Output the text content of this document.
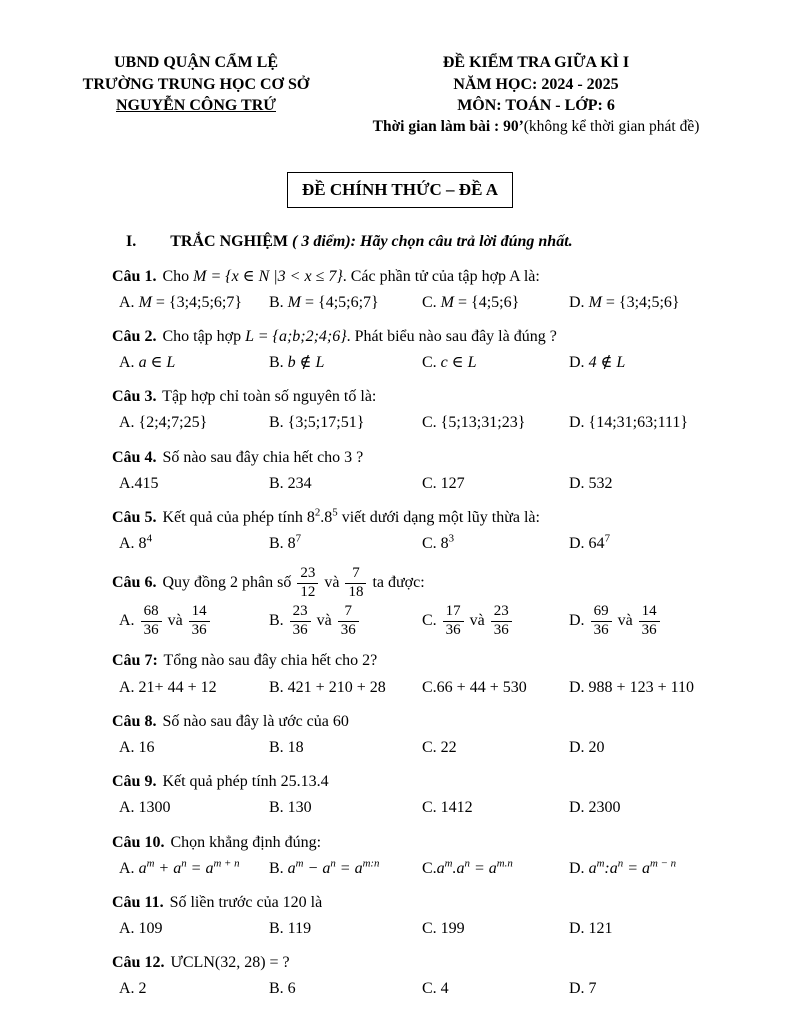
UBND QUẬN CẨM LỆ
TRƯỜNG TRUNG HỌC CƠ SỞ
NGUYỄN CÔNG TRỨ
ĐỀ KIỂM TRA GIỮA KÌ I
NĂM HỌC: 2024 - 2025
MÔN: TOÁN - LỚP: 6
Thời gian làm bài : 90’(không kể thời gian phát đề)
ĐỀ CHÍNH THỨC – ĐỀ A
I. TRẮC NGHIỆM ( 3 điểm): Hãy chọn câu trả lời đúng nhất.
Câu 1. Cho M = {x ∈ N |3 < x ≤ 7}. Các phần tử của tập hợp A là:
A. M = {3;4;5;6;7}	B. M = {4;5;6;7}	C. M = {4;5;6}	D. M = {3;4;5;6}
Câu 2. Cho tập hợp L = {a;b;2;4;6}. Phát biểu nào sau đây là đúng ?
A. a ∈ L	B. b ∉ L	C. c ∈ L	D. 4 ∉ L
Câu 3. Tập hợp chỉ toàn số nguyên tố là:
A. {2;4;7;25}	B. {3;5;17;51}	C. {5;13;31;23}	D. {14;31;63;111}
Câu 4. Số nào sau đây chia hết cho 3 ?
A.415	B. 234	C. 127	D. 532
Câu 5. Kết quả của phép tính $8^2.8^5$ viết dưới dạng một lũy thừa là:
A. $8^4$	B. $8^7$	C. $8^3$	D. $64^7$
Câu 6. Quy đồng 2 phân số $\frac{23}{12}$ và $\frac{7}{18}$ ta được:
A. $\frac{68}{36}$ và $\frac{14}{36}$	B. $\frac{23}{36}$ và $\frac{7}{36}$	C. $\frac{17}{36}$ và $\frac{23}{36}$	D. $\frac{69}{36}$ và $\frac{14}{36}$
Câu 7: Tổng nào sau đây chia hết cho 2?
A. 21+ 44 + 12	B. 421 + 210 + 28	C.66 + 44 + 530	D. 988 + 123 + 110
Câu 8. Số nào sau đây là ước của 60
A. 16	B. 18	C. 22	D. 20
Câu 9. Kết quả phép tính 25.13.4
A. 1300	B. 130	C. 1412	D. 2300
Câu 10. Chọn khẳng định đúng:
A. $a^m + a^n = a^{m + n}$	B. $a^m - a^n = a^{m:n}$	$C.a^m.a^n = a^{m.n}$	D. $a^m:a^n = a^{m - n}$
Câu 11. Số liền trước của 120 là
A. 109	B. 119	C. 199	D. 121
Câu 12. ƯCLN(32, 28) = ?
A. 2	B. 6	C. 4	D. 7
